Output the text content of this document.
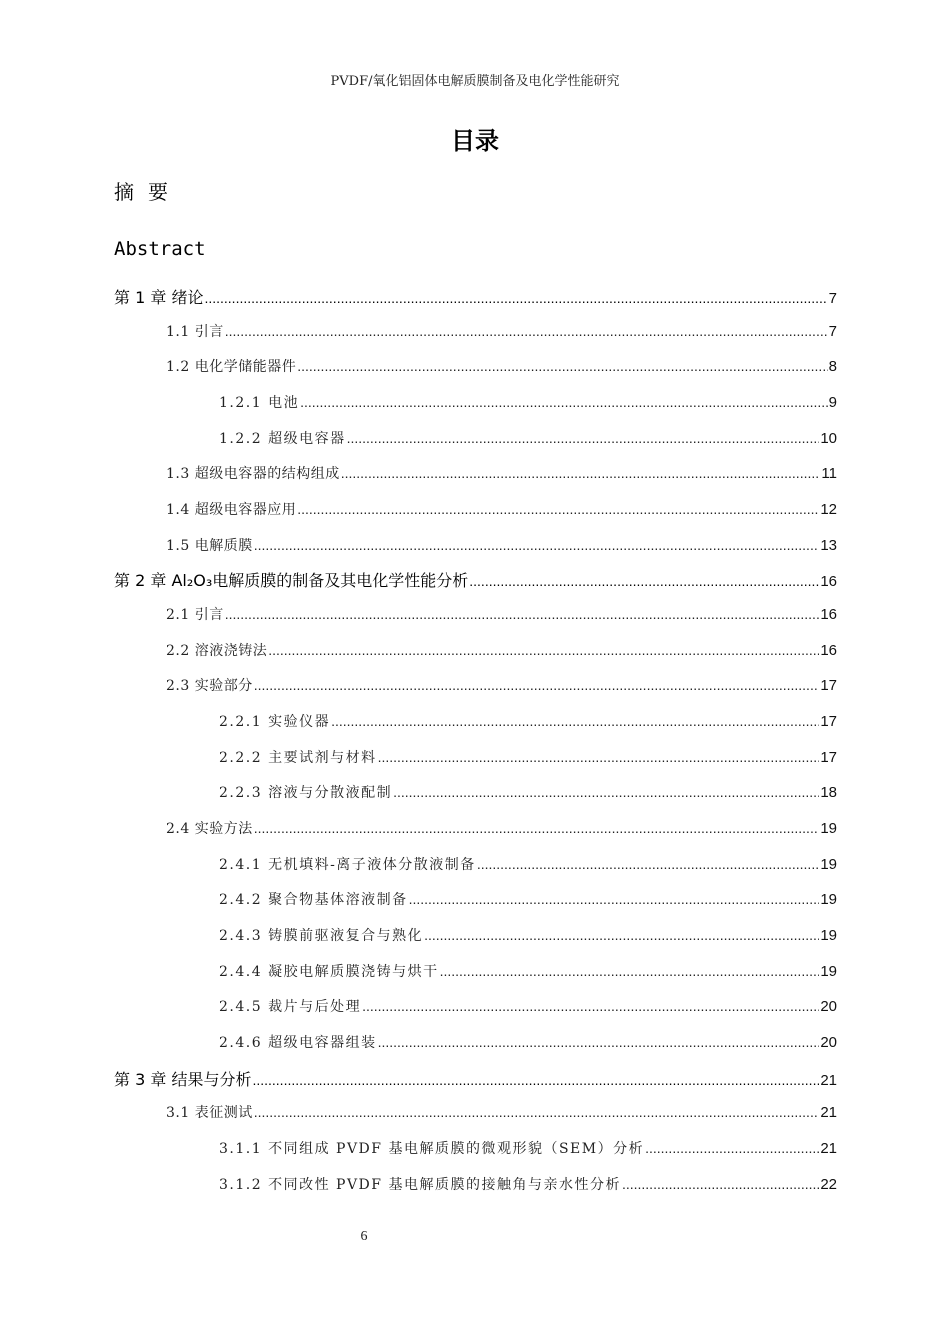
PVDF/氧化铝固体电解质膜制备及电化学性能研究
目录
摘要
Abstract
第 1 章 绪论 .....	7
1.1 引言 .....	7
1.2 电化学储能器件 .....	8
1.2.1 电池 .....	9
1.2.2 超级电容器 .....	10
1.3 超级电容器的结构组成 .....	11
1.4 超级电容器应用 .....	12
1.5 电解质膜 .....	13
第 2 章 Al₂O₃电解质膜的制备及其电化学性能分析 .....	16
2.1 引言 .....	16
2.2 溶液浇铸法 .....	16
2.3 实验部分 .....	17
2.2.1 实验仪器 .....	17
2.2.2 主要试剂与材料 .....	17
2.2.3 溶液与分散液配制 .....	18
2.4 实验方法 .....	19
2.4.1 无机填料-离子液体分散液制备 .....	19
2.4.2 聚合物基体溶液制备 .....	19
2.4.3 铸膜前驱液复合与熟化 .....	19
2.4.4 凝胶电解质膜浇铸与烘干 .....	19
2.4.5 裁片与后处理 .....	20
2.4.6 超级电容器组装 .....	20
第 3 章 结果与分析 .....	21
3.1 表征测试 .....	21
3.1.1 不同组成 PVDF 基电解质膜的微观形貌（SEM）分析 .....	21
3.1.2 不同改性 PVDF 基电解质膜的接触角与亲水性分析 .....	22
6
